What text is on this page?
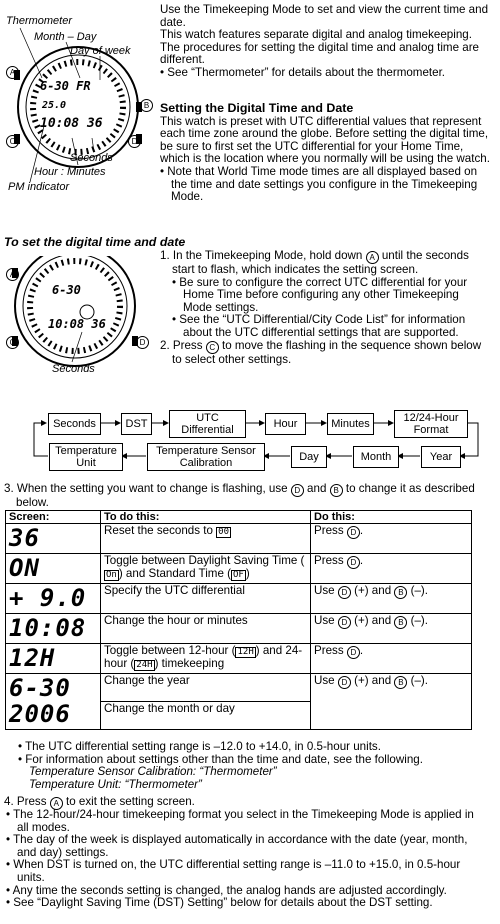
Thermometer
Month – Day
Day of week
A
B
C	D
6-30 FR
25.0
10:08 36
Seconds
Hour : Minutes
PM indicator

Use the Timekeeping Mode to set and view the current time and date.

This watch features separate digital and analog timekeeping. The procedures for setting the digital time and analog time are different.

• See “Thermometer” for details about the thermometer.

Setting the Digital Time and Date

This watch is preset with UTC differential values that represent each time zone around the globe. Before setting the digital time, be sure to first set the UTC differential for your Home Time, which is the location where you normally will be using the watch.

• Note that World Time mode times are all displayed based on the time and date settings you configure in the Timekeeping Mode.

To set the digital time and date

A
C	D
6-30
10:08 36
Seconds

1. In the Timekeeping Mode, hold down A until the seconds start to flash, which indicates the setting screen.

• Be sure to configure the correct UTC differential for your Home Time before configuring any other Timekeeping Mode settings.

• See the “UTC Differential/City Code List” for information about the UTC differential settings that are supported.

2. Press C to move the flashing in the sequence shown below to select other settings.

Seconds	DST	UTC Differential	Hour	Minutes	12/24-Hour Format
Year
Month
Day
Temperature Sensor Calibration
Temperature Unit

3. When the setting you want to change is flashing, use D and B to change it as described below.

Screen:	To do this:	Do this:
36	Reset the seconds to 00	Press D .
ON	Toggle between Daylight Saving Time (On ) and Standard Time ( OF )	Press D .
+ 9.0	Specify the UTC differential	Use D (+) and B (–).
10:08	Change the hour or minutes	Use D (+) and B (–).
12H	Toggle between 12-hour ( 12H ) and 24-hour ( 24H ) timekeeping	Press D .

6-30
2006	Change the year	Use D (+) and B (–).
	Change the month or day	

• The UTC differential setting range is –12.0 to +14.0, in 0.5-hour units.

• For information about settings other than the time and date, see the following.

Temperature Sensor Calibration: “Thermometer”

Temperature Unit: “Thermometer”

4. Press A to exit the setting screen.

• The 12-hour/24-hour timekeeping format you select in the Timekeeping Mode is applied in all modes.

• The day of the week is displayed automatically in accordance with the date (year, month, and day) settings.

• When DST is turned on, the UTC differential setting range is –11.0 to +15.0, in 0.5-hour units.

• Any time the seconds setting is changed, the analog hands are adjusted accordingly.

• See “Daylight Saving Time (DST) Setting” below for details about the DST setting.
